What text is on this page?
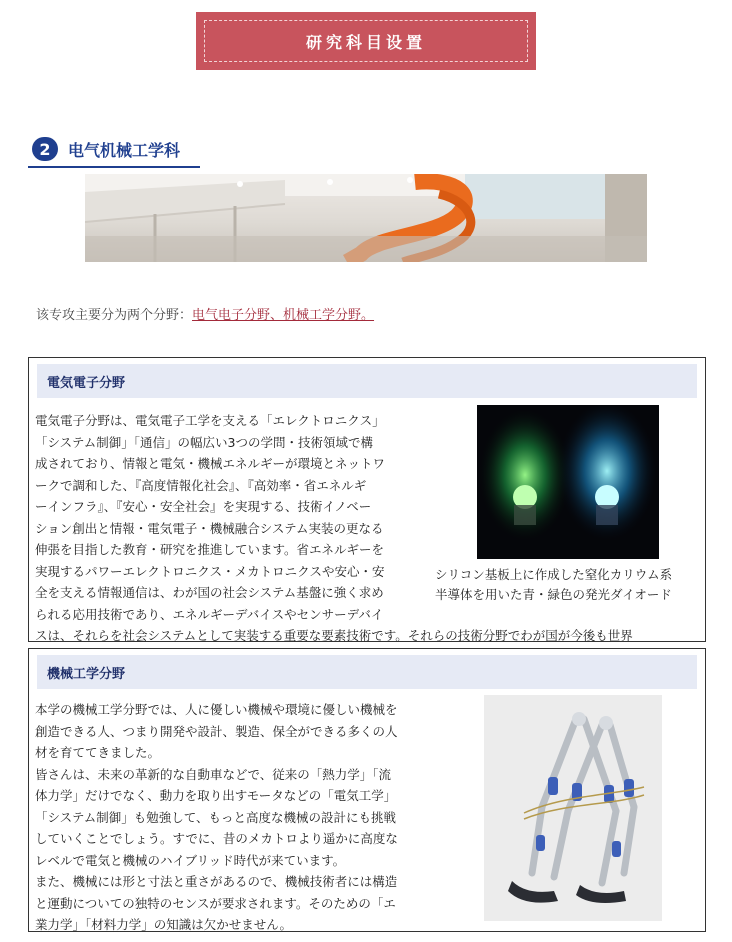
研究科目设置
2	电气机械工学科
该专攻主要分为两个分野：电气电子分野、机械工学分野。
電気電子分野
電気電子分野は、電気電子工学を支える「エレクトロニクス」
「システム制御」「通信」の幅広い3つの学問・技術領域で構
成されており、情報と電気・機械エネルギーが環境とネットワ
ークで調和した、『高度情報化社会』、『高効率・省エネルギ
ーインフラ』、『安心・安全社会』を実現する、技術イノベー
ション創出と情報・電気電子・機械融合システム実装の更なる
伸張を目指した教育・研究を推進しています。省エネルギーを
実現するパワーエレクトロニクス・メカトロニクスや安心・安
全を支える情報通信は、わが国の社会システム基盤に強く求め
られる応用技術であり、エネルギーデバイスやセンサーデバイ
スは、それらを社会システムとして実装する重要な要素技術です。それらの技術分野でわが国が今後も世界
シリコン基板上に作成した窒化カリウム系
半導体を用いた青・緑色の発光ダイオード
機械工学分野
本学の機械工学分野では、人に優しい機械や環境に優しい機械を
創造できる人、つまり開発や設計、製造、保全ができる多くの人
材を育ててきました。
皆さんは、未来の革新的な自動車などで、従来の「熱力学」「流
体力学」だけでなく、動力を取り出すモータなどの「電気工学」
「システム制御」も勉強して、もっと高度な機械の設計にも挑戦
していくことでしょう。すでに、昔のメカトロより遥かに高度な
レベルで電気と機械のハイブリッド時代が来ています。
また、機械には形と寸法と重さがあるので、機械技術者には構造
と運動についての独特のセンスが要求されます。そのための「エ
業力学」「材料力学」の知識は欠かせません。
